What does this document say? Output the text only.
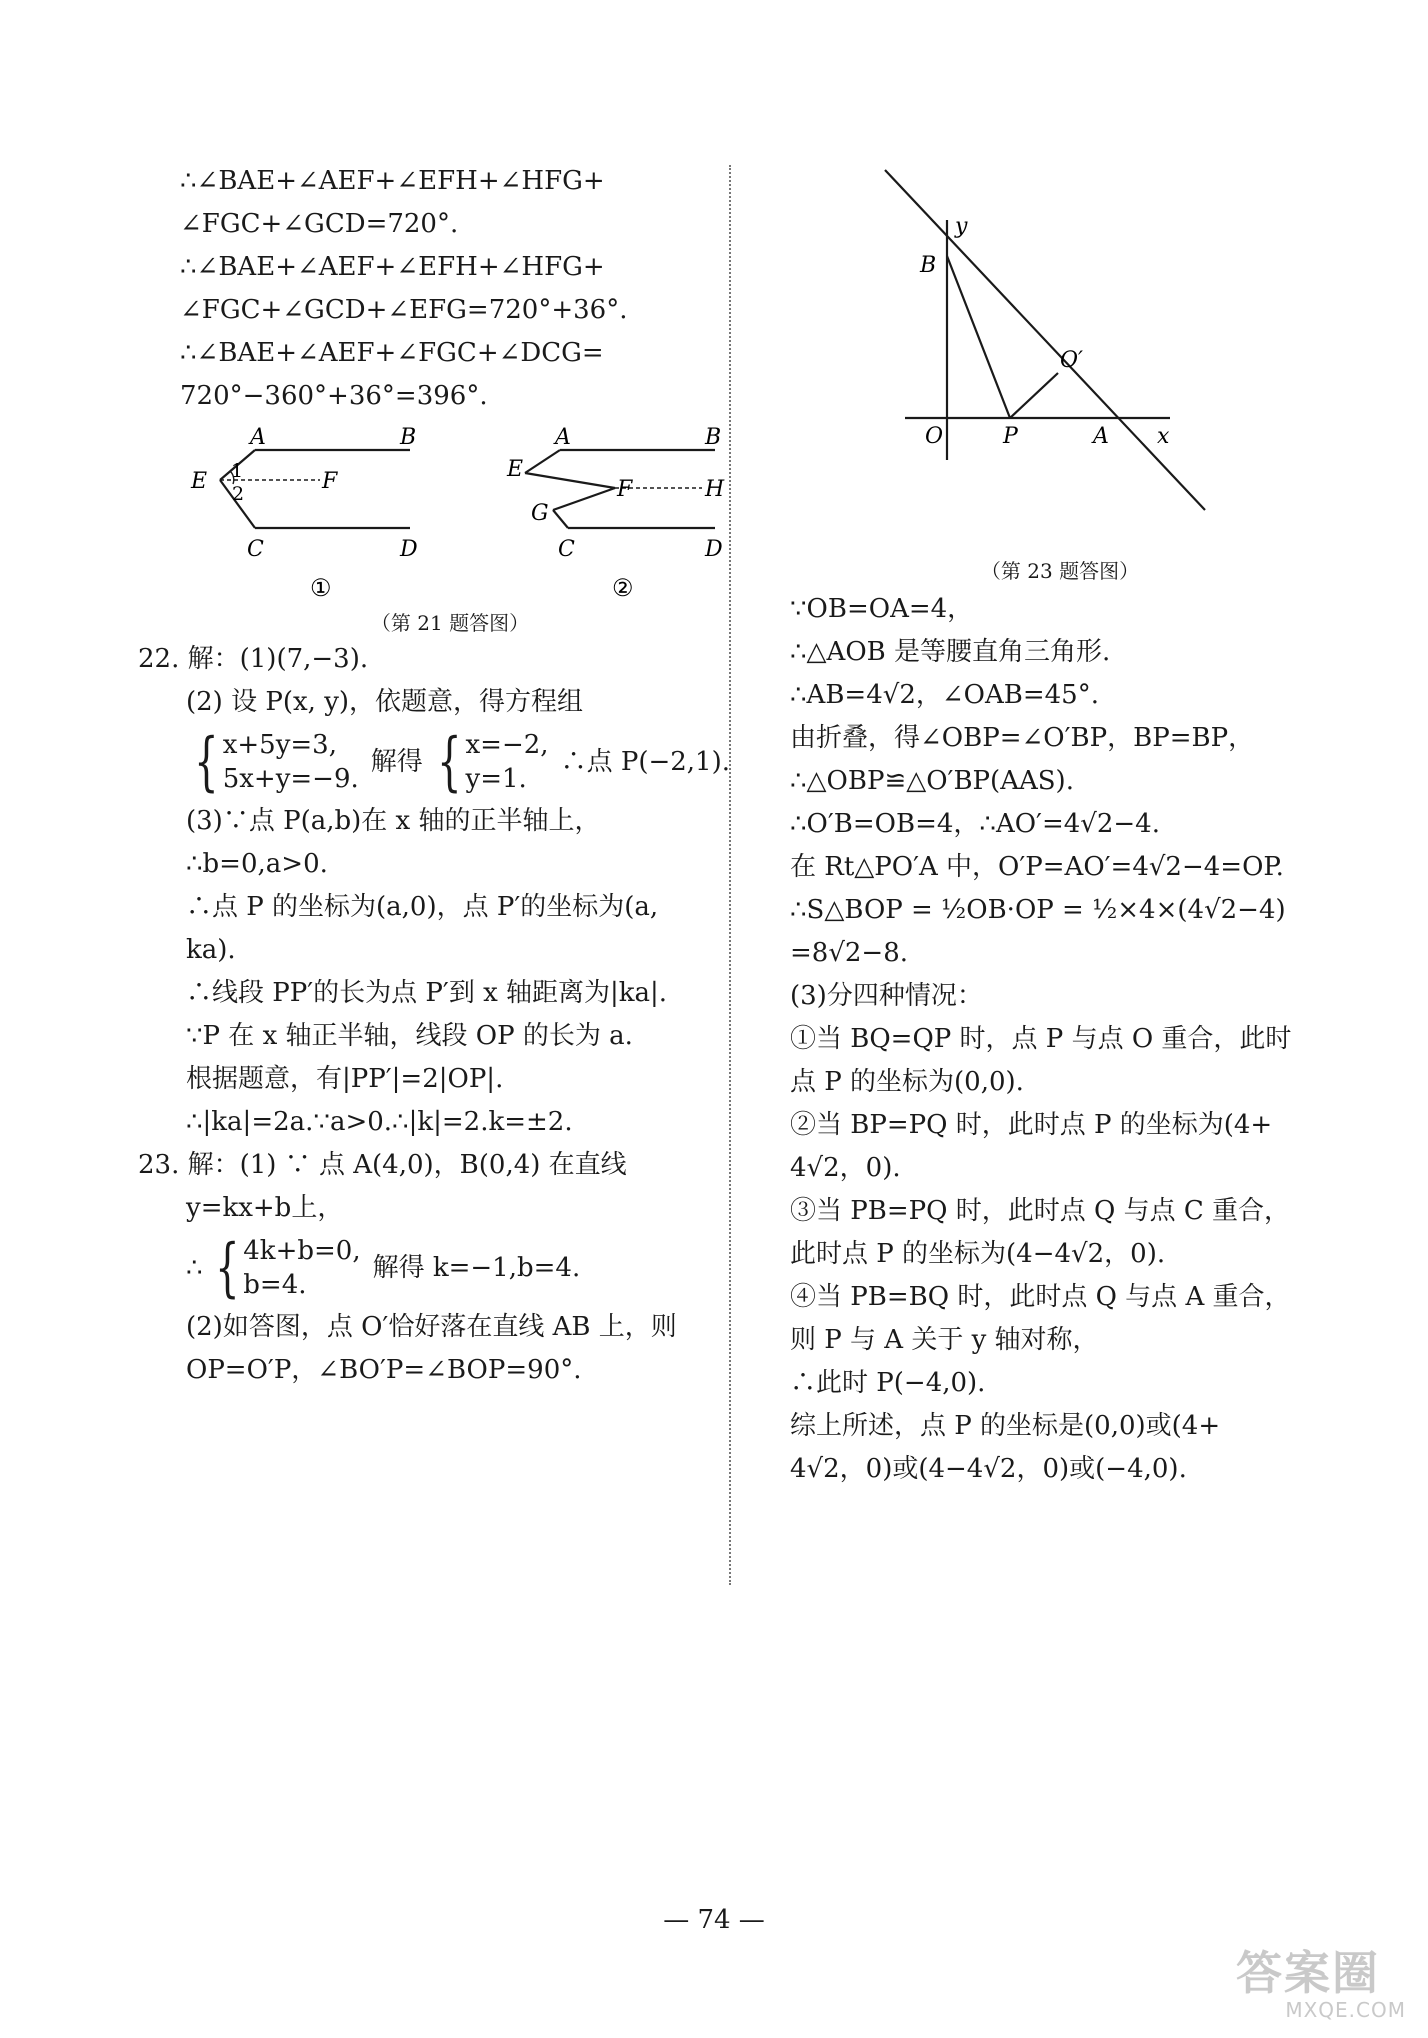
∴∠BAE+∠AEF+∠EFH+∠HFG+
∠FGC+∠GCD=720°.
∴∠BAE+∠AEF+∠EFH+∠HFG+
∠FGC+∠GCD+∠EFG=720°+36°.
∴∠BAE+∠AEF+∠FGC+∠DCG=
720°−360°+36°=396°.
A	B
E	F
1
2
C	D
①
A	B
E
F	H
G
C	D
②
（第 21 题答图）
22. 解：(1)(7,−3).
(2) 设 P(x, y)，依题意，得方程组
{ x+5y=3,
5x+y=−9.
解得 { x=−2,
y=1.
∴点 P(−2,1).
(3)∵点 P(a,b)在 x 轴的正半轴上，
∴b=0,a>0.
∴点 P 的坐标为(a,0)，点 P′的坐标为(a,
ka).
∴线段 PP′的长为点 P′到 x 轴距离为|ka|.
∵P 在 x 轴正半轴，线段 OP 的长为 a.
根据题意，有|PP′|=2|OP|.
∴|ka|=2a.∵a>0.∴|k|=2.k=±2.
23. 解：(1) ∵ 点 A(4,0)，B(0,4) 在直线
y=kx+b上，
∴ { 4k+b=0,
b=4.
解得 k=−1,b=4.
(2)如答图，点 O′恰好落在直线 AB 上，则
OP=O′P，∠BO′P=∠BOP=90°.
y
B
O′
O	P	A x
（第 23 题答图）
∵OB=OA=4，
∴△AOB 是等腰直角三角形.
∴AB=4√2，∠OAB=45°.
由折叠，得∠OBP=∠O′BP，BP=BP，
∴△OBP≌△O′BP(AAS).
∴O′B=OB=4，∴AO′=4√2−4.
在 Rt△PO′A 中，O′P=AO′=4√2−4=OP.
∴S△BOP = ½OB·OP = ½×4×(4√2−4)
=8√2−8.
(3)分四种情况：
①当 BQ=QP 时，点 P 与点 O 重合，此时
点 P 的坐标为(0,0).
②当 BP=PQ 时，此时点 P 的坐标为(4+
4√2，0).
③当 PB=PQ 时，此时点 Q 与点 C 重合，
此时点 P 的坐标为(4−4√2，0).
④当 PB=BQ 时，此时点 Q 与点 A 重合，
则 P 与 A 关于 y 轴对称，
∴此时 P(−4,0).
综上所述，点 P 的坐标是(0,0)或(4+
4√2，0)或(4−4√2，0)或(−4,0).
— 74 —
答案圈
MXQE.COM
